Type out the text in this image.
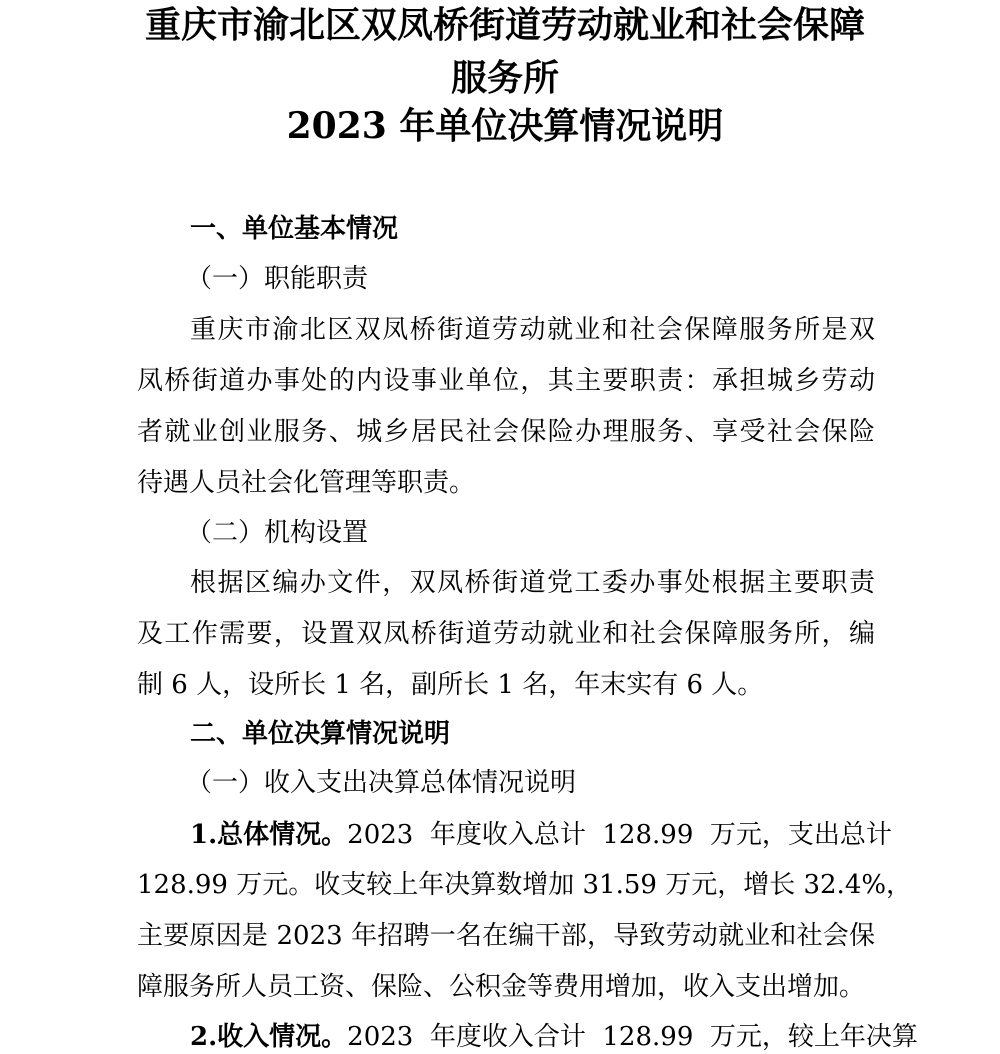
重庆市渝北区双凤桥街道劳动就业和社会保障
服务所
2023 年单位决算情况说明
一、单位基本情况
（一）职能职责
重庆市渝北区双凤桥街道劳动就业和社会保障服务所是双
凤桥街道办事处的内设事业单位，其主要职责：承担城乡劳动
者就业创业服务、城乡居民社会保险办理服务、享受社会保险
待遇人员社会化管理等职责。
（二）机构设置
根据区编办文件，双凤桥街道党工委办事处根据主要职责
及工作需要，设置双凤桥街道劳动就业和社会保障服务所，编
制 6 人，设所长 1 名，副所长 1 名，年末实有 6 人。
二、单位决算情况说明
（一）收入支出决算总体情况说明
1.总体情况。 2023  年度收入总计  128.99  万元，支出总计
128.99 万元。收支较上年决算数增加 31.59 万元，增长 32.4%，
主要原因是 2023 年招聘一名在编干部，导致劳动就业和社会保
障服务所人员工资、保险、公积金等费用增加，收入支出增加。
2.收入情况。 2023  年度收入合计  128.99  万元，较上年决算
